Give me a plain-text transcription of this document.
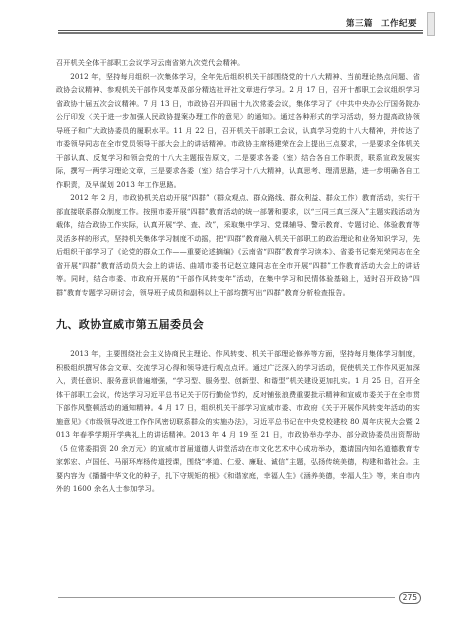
第三篇 工作纪要

召开机关全体干部职工会议学习云南省第九次党代会精神。

2012 年，坚持每月组织一次集体学习，全年先后组织机关干部围绕党的十八大精神、当前理论热点问题、省政协会议精神、参观机关干部作风变革及部分精选社评社文章进行学习。2 月 17 日，召开十都职工会议组织学习省政协十届五次会议精神。7 月 13 日，市政协召开四届十九次常委会议，集体学习了《中共中央办公厅国务院办公厅印发〈关于进一步加强人民政协提案办理工作的意见〉的通知》。通过各种形式的学习活动，努力提高政协领导班子和广大政协委员的履职水平。11 月 22 日，召开机关干部职工会议，认真学习党的十八大精神，并传达了市委领导同志在全市党员领导干部大会上的讲话精神。市政协主席杨建荣在会上提出三点要求，一是要求全体机关干部认真、反复学习和领会党的十八大主题报告原文，二是要求各委（室）结合各自工作职责，联系宣政发展实际，撰写一两学习理论文章，三是要求各委（室）结合学习十八大精神，认真思考、理清思路，进一步明确各自工作职责，及早谋划 2013 年工作思路。

2012 年 2 月，市政协机关启动开展“四群”（群众观点、群众路线、群众利益、群众工作）教育活动，实行干部直接联系群众制度工作。按照市委开展“四群”教育活动的统一部署和要求，以“三同三真三深入”主题实践活动为载体，结合政协工作实际，认真开展“学、查、改”，采取集中学习、党课辅导、警示教育、专题讨论、体验教育等灵活多样的形式，坚持机关集体学习制度不动摇，把“四群”教育融入机关干部职工的政治理论和业务知识学习，先后组织干部学习了《论党的群众工作——重要论述摘编》《云南省“四群”教育学习读本》、省委书记秦光荣同志在全省开展“四群”教育活动员大会上的讲话、曲靖市委书记赵立雄同志在全市开展“四群”工作教育活动大会上的讲话等。同时，结合市委、市政府开展的“干部作风转变年”活动，在集中学习和民情体验基础上，适时召开政协“四群”教育专题学习研讨会，领导班子成员和副科以上干部均撰写出“四群”教育分析检查报告。

九、政协宣威市第五届委员会

2013 年，主要围绕社会主义协商民主理论、作风转变、机关干部理论修养等方面，坚持每月集体学习制度，积极组织撰写体会文章、交流学习心得和领导进行观点点评。通过广泛深入的学习活动，促使机关工作作风更加深入，责任意识、服务意识普遍增强，“学习型、服务型、创新型、和谐型”机关建设更加扎实。1 月 25 日，召开全体干部职工会议，传达学习习近平总书记关于厉行勤俭节约，反对铺张浪费重要批示精神和宣威市委关于在全市贯下部作风整顿活动的通知精神。4 月 17 日，组织机关干部学习宣威市委、市政府《关于开展作风转变年活动的实施意见》《市级领导改进工作作风密切联系群众的实施办法》，习近平总书记在中央党校建校 80 周年庆祝大会暨 2013 年春季学期开学典礼上的讲话精神。2013 年 4 月 19 至 21 日，市政协举办学办、部分政协委员出资帮助（5 位常委捐资 20 余万元）的宣威市首届道德人讲堂活动在市文化艺术中心成功举办，邀请国内知名道德教育专家郭宏、卢国任、马丽环库杨传道授课，围绕“孝道、仁爱、廉耻、诚信”主题，弘扬传统美德，构建和谐社会。主要内容为《播播中华文化的种子，扎下守规矩的根》《和谐家庭，幸福人生》《涵养美德，幸福人生》等，来自市内外的 1600 余名人士参加学习。

275
